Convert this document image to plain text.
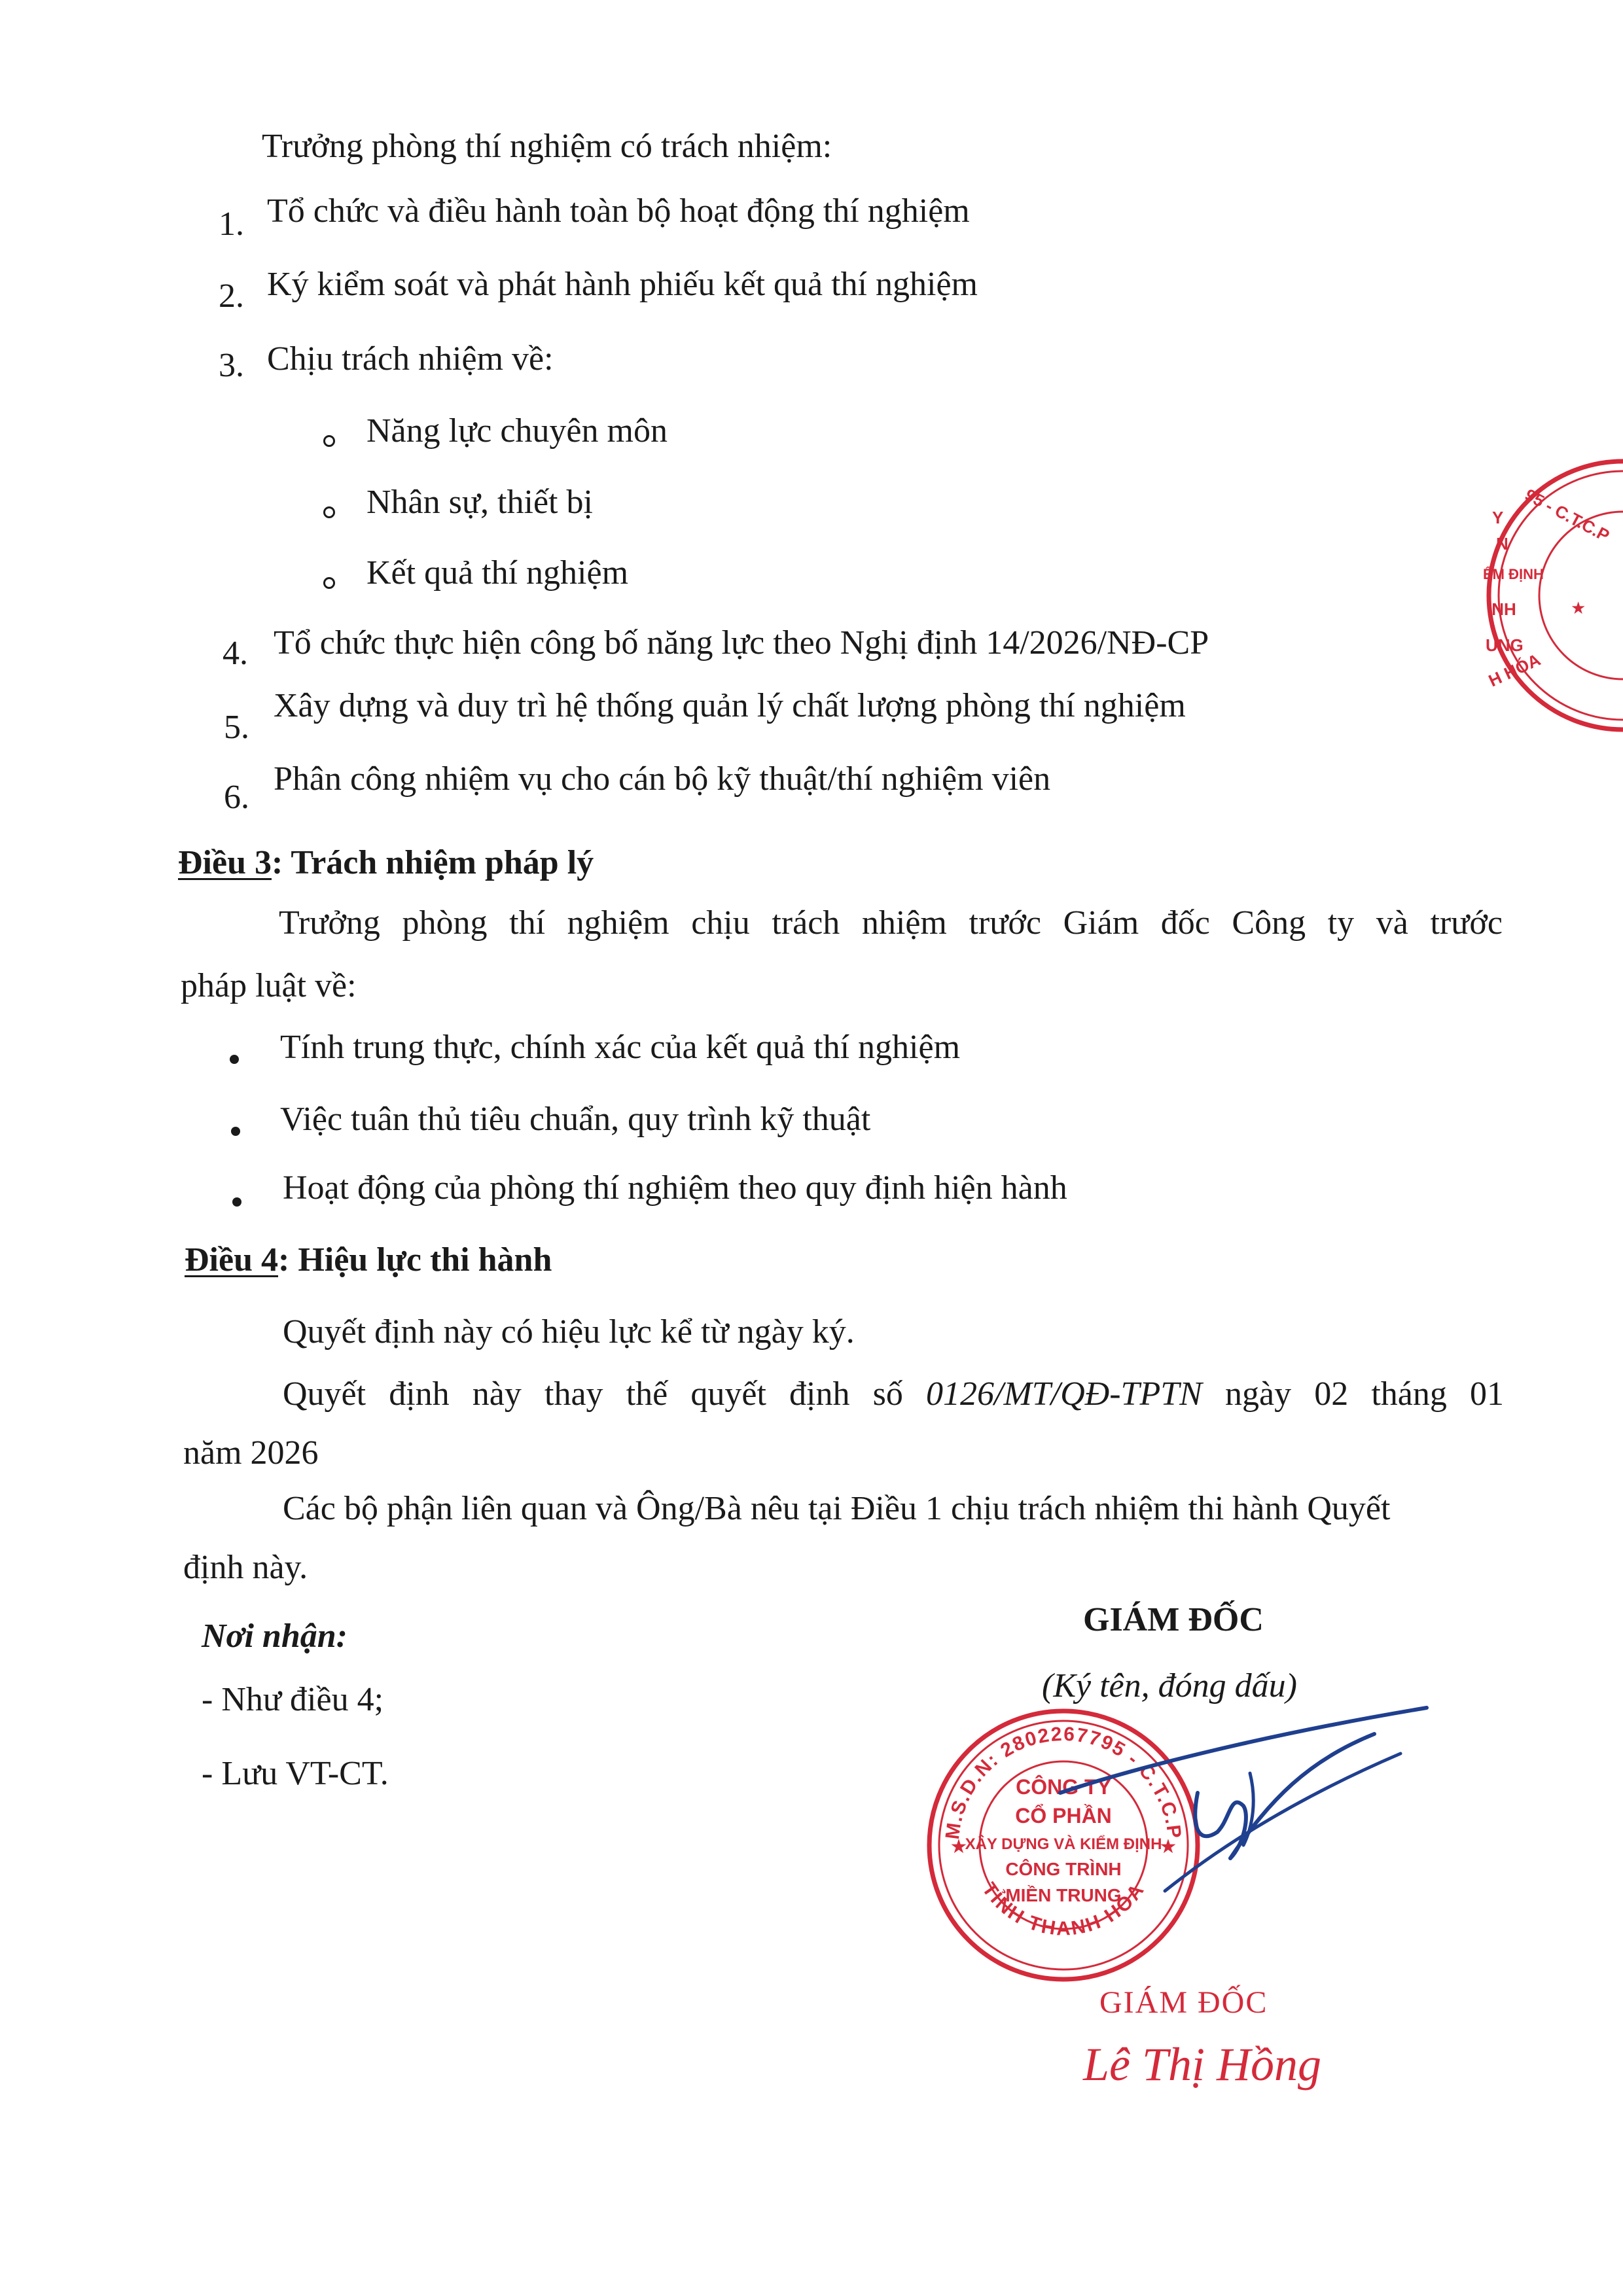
Trưởng phòng thí nghiệm có trách nhiệm:
1. Tổ chức và điều hành toàn bộ hoạt động thí nghiệm
2. Ký kiểm soát và phát hành phiếu kết quả thí nghiệm
3. Chịu trách nhiệm về:
Năng lực chuyên môn
Nhân sự, thiết bị
Kết quả thí nghiệm
4. Tổ chức thực hiện công bố năng lực theo Nghị định 14/2026/NĐ-CP
5.
Xây dựng và duy trì hệ thống quản lý chất lượng phòng thí nghiệm
6. Phân công nhiệm vụ cho cán bộ kỹ thuật/thí nghiệm viên
Điều 3: Trách nhiệm pháp lý
Trưởng phòng thí nghiệm chịu trách nhiệm trước Giám đốc Công ty và trước
pháp luật về:
Tính trung thực, chính xác của kết quả thí nghiệm
Việc tuân thủ tiêu chuẩn, quy trình kỹ thuật
Hoạt động của phòng thí nghiệm theo quy định hiện hành
Điều 4: Hiệu lực thi hành
Quyết định này có hiệu lực kể từ ngày ký.
Quyết định này thay thế quyết định số 0126/MT/QĐ-TPTN ngày 02 tháng 01
năm 2026
Các bộ phận liên quan và Ông/Bà nêu tại Điều 1 chịu trách nhiệm thi hành Quyết
định này.
Nơi nhận:
- Như điều 4;
- Lưu VT-CT.
GIÁM ĐỐC
(Ký tên, đóng dấu)
M.S.D.N: 2802267795 - C.T.C.P
TỈNH THANH HÓA
★	★
CÔNG TY
CỔ PHẦN
XÂY DỰNG VÀ KIỂM ĐỊNH
CÔNG TRÌNH
MIỀN TRUNG
GIÁM ĐỐC
Lê Thị Hồng
95 - C.T.C.P
Y
N
ỂM ĐỊNH
ÌNH
UNG
H HÓA
★
